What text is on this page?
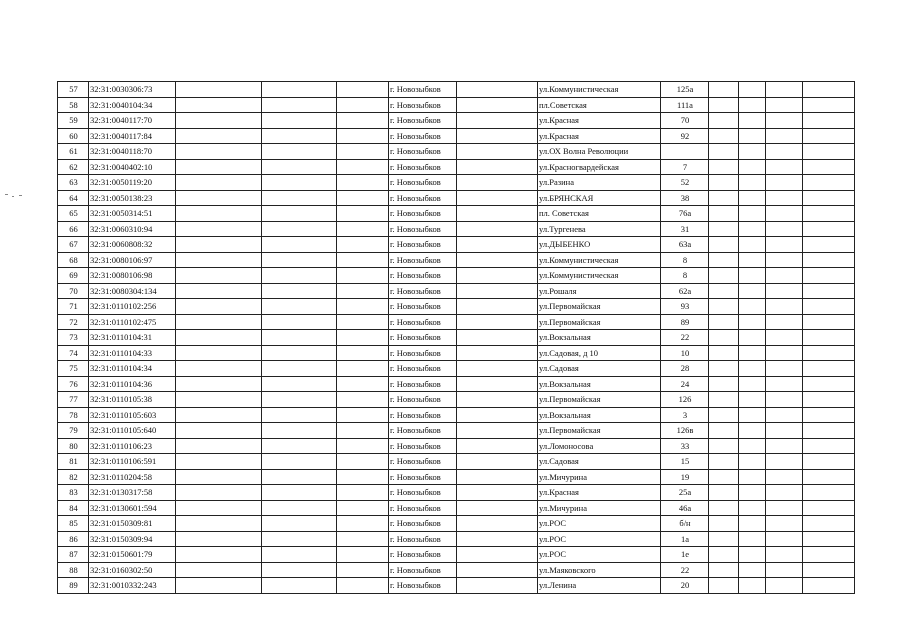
57	32:31:0030306:73				г. Новозыбков		ул.Коммунистическая	125а				
58	32:31:0040104:34				г. Новозыбков		пл.Советская	111а				
59	32:31:0040117:70				г. Новозыбков		ул.Красная	70				
60	32:31:0040117:84				г. Новозыбков		ул.Красная	92				
61	32:31:0040118:70				г. Новозыбков		ул.ОХ Волна Революции					
62	32:31:0040402:10				г. Новозыбков		ул.Красногвардейская	7				
63	32:31:0050119:20				г. Новозыбков		ул.Разина	52				
64	32:31:0050138:23				г. Новозыбков		ул.БРЯНСКАЯ	38				
65	32:31:0050314:51				г. Новозыбков		пл. Советская	76а				
66	32:31:0060310:94				г. Новозыбков		ул.Тургенева	31				
67	32:31:0060808:32				г. Новозыбков		ул.ДЫБЕНКО	63а				
68	32:31:0080106:97				г. Новозыбков		ул.Коммунистическая	8				
69	32:31:0080106:98				г. Новозыбков		ул.Коммунистическая	8				
70	32:31:0080304:134				г. Новозыбков		ул.Рошаля	62а				
71	32:31:0110102:256				г. Новозыбков		ул.Первомайская	93				
72	32:31:0110102:475				г. Новозыбков		ул.Первомайская	89				
73	32:31:0110104:31				г. Новозыбков		ул.Вокзальная	22				
74	32:31:0110104:33				г. Новозыбков		ул.Садовая, д 10	10				
75	32:31:0110104:34				г. Новозыбков		ул.Садовая	28				
76	32:31:0110104:36				г. Новозыбков		ул.Вокзальная	24				
77	32:31:0110105:38				г. Новозыбков		ул.Первомайская	126				
78	32:31:0110105:603				г. Новозыбков		ул.Вокзальная	3				
79	32:31:0110105:640				г. Новозыбков		ул.Первомайская	126в				
80	32:31:0110106:23				г. Новозыбков		ул.Ломоносова	33				
81	32:31:0110106:591				г. Новозыбков		ул.Садовая	15				
82	32:31:0110204:58				г. Новозыбков		ул.Мичурина	19				
83	32:31:0130317:58				г. Новозыбков		ул.Красная	25а				
84	32:31:0130601:594				г. Новозыбков		ул.Мичурина	46а				
85	32:31:0150309:81				г. Новозыбков		ул.РОС	б/н				
86	32:31:0150309:94				г. Новозыбков		ул.РОС	1а				
87	32:31:0150601:79				г. Новозыбков		ул.РОС	1е				
88	32:31:0160302:50				г. Новозыбков		ул.Маяковского	22				
89	32:31:0010332:243				г. Новозыбков		ул.Ленина	20				
